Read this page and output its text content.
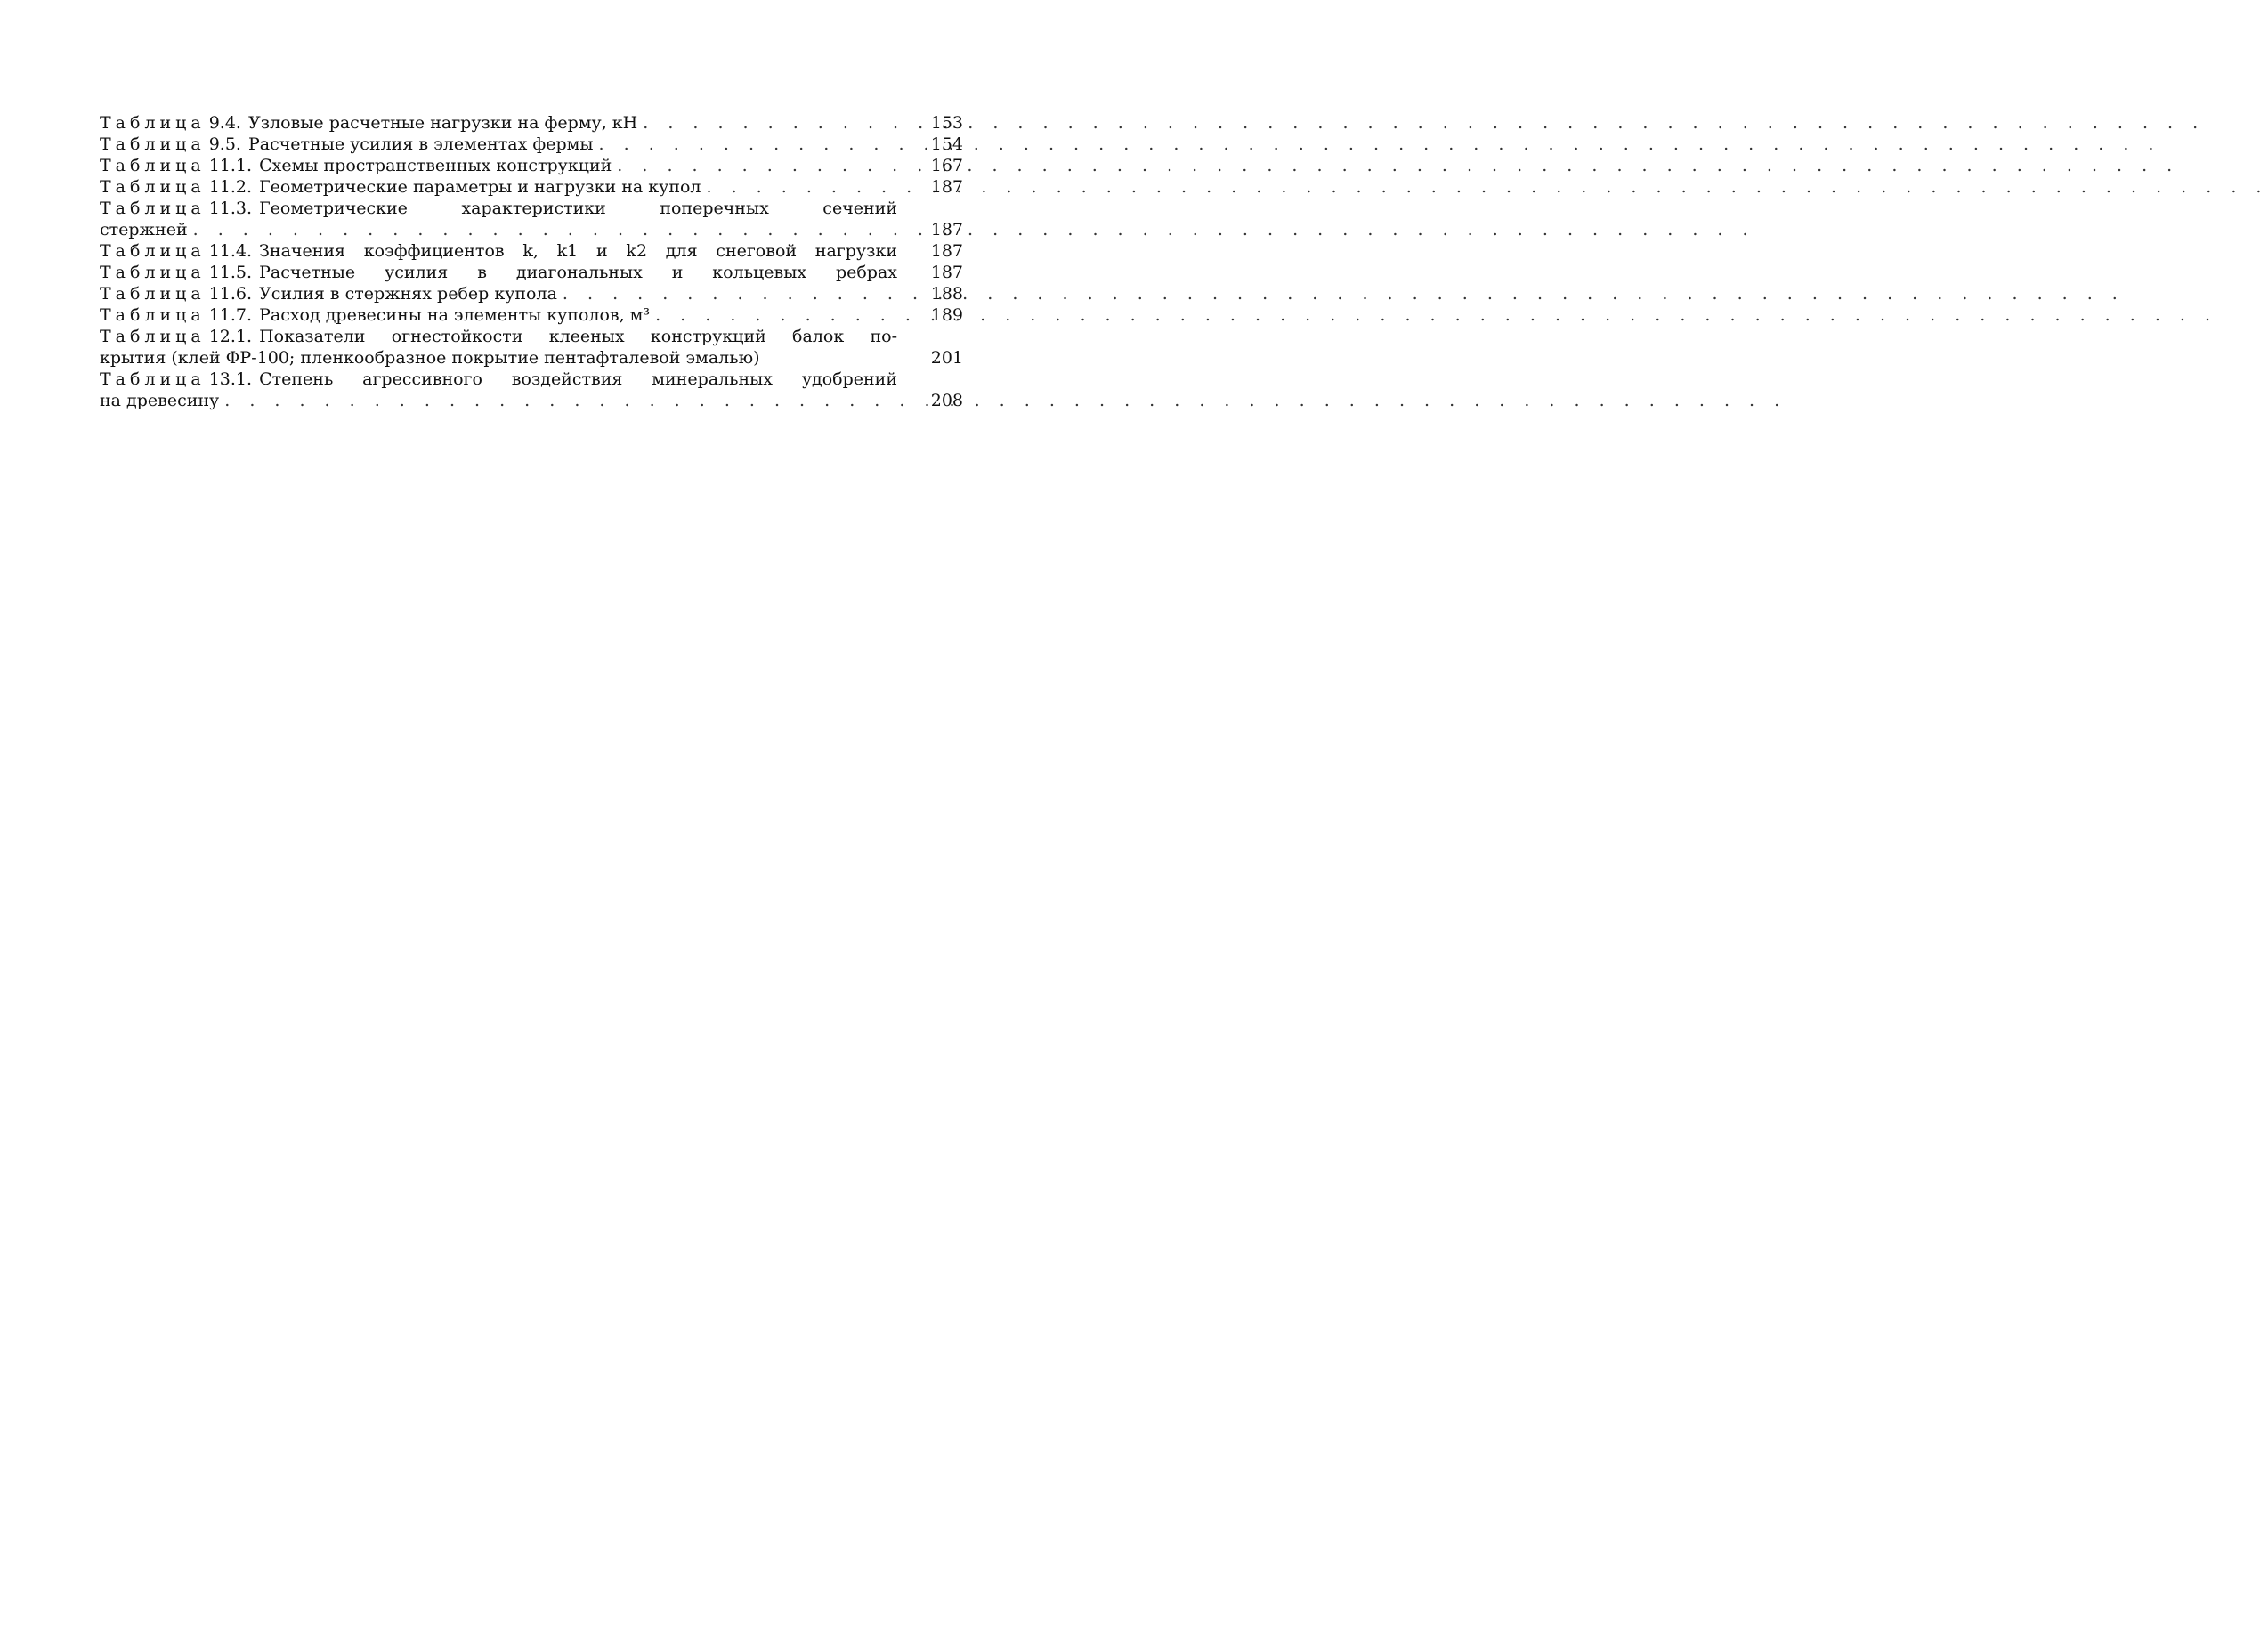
Таблица 9.4. Узловые расчетные нагрузки на ферму, кН . . .	153
Таблица 9.5. Расчетные усилия в элементах фермы . . .	154
Таблица 11.1. Схемы пространственных конструкций . . .	167
Таблица 11.2. Геометрические параметры и нагрузки на купол . . .	187
Таблица 11.3. Геометрические характеристики поперечных сечений
стержней . . .	187
Таблица 11.4. Значения коэффициентов k, k1 и k2 для снеговой нагрузки	187
Таблица 11.5. Расчетные усилия в диагональных и кольцевых ребрах	187
Таблица 11.6. Усилия в стержнях ребер купола . . .	188
Таблица 11.7. Расход древесины на элементы куполов, м³ . . .	189
Таблица 12.1. Показатели огнестойкости клееных конструкций балок по-
крытия (клей ФР-100; пленкообразное покрытие пентафталевой эмалью)	201
Таблица 13.1. Степень агрессивного воздействия минеральных удобрений
на древесину . . .	208
